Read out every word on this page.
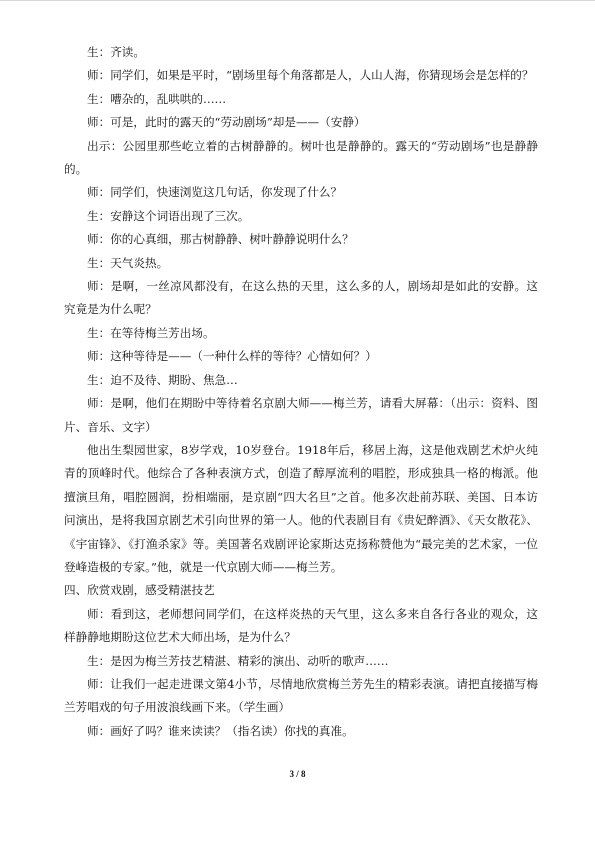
生：齐读。

师：同学们，如果是平时，“剧场里每个角落都是人，人山人海，你猜现场会是怎样的？

生：嘈杂的，乱哄哄的……

师：可是，此时的露天的“劳动剧场”却是——（安静）

出示：公园里那些屹立着的古树静静的。树叶也是静静的。露天的“劳动剧场”也是静静的。

师：同学们，快速浏览这几句话，你发现了什么？

生：安静这个词语出现了三次。

师：你的心真细，那古树静静、树叶静静说明什么？

生：天气炎热。

师：是啊，一丝凉风都没有，在这么热的天里，这么多的人，剧场却是如此的安静。这究竟是为什么呢？

生：在等待梅兰芳出场。

师：这种等待是——（一种什么样的等待？心情如何？）

生：迫不及待、期盼、焦急…

师：是啊，他们在期盼中等待着名京剧大师——梅兰芳，请看大屏幕：（出示：资料、图片、音乐、文字）

他出生梨园世家，8岁学戏，10岁登台。1918年后，移居上海，这是他戏剧艺术炉火纯青的顶峰时代。他综合了各种表演方式，创造了醇厚流利的唱腔，形成独具一格的梅派。他擅演旦角，唱腔圆润，扮相端丽，是京剧“四大名旦”之首。他多次赴前苏联、美国、日本访问演出，是将我国京剧艺术引向世界的第一人。他的代表剧目有《贵妃醉酒》、《天女散花》、《宇宙锋》、《打渔杀家》等。美国著名戏剧评论家斯达克扬称赞他为“最完美的艺术家，一位登峰造极的专家。”他，就是一代京剧大师——梅兰芳。

四、欣赏戏剧，感受精湛技艺

师：看到这，老师想问同学们，在这样炎热的天气里，这么多来自各行各业的观众，这样静静地期盼这位艺术大师出场，是为什么？

生：是因为梅兰芳技艺精湛、精彩的演出、动听的歌声……

师：让我们一起走进课文第4小节，尽情地欣赏梅兰芳先生的精彩表演。请把直接描写梅兰芳唱戏的句子用波浪线画下来。（学生画）

师：画好了吗？谁来读读？（指名读）你找的真准。

3 / 8
